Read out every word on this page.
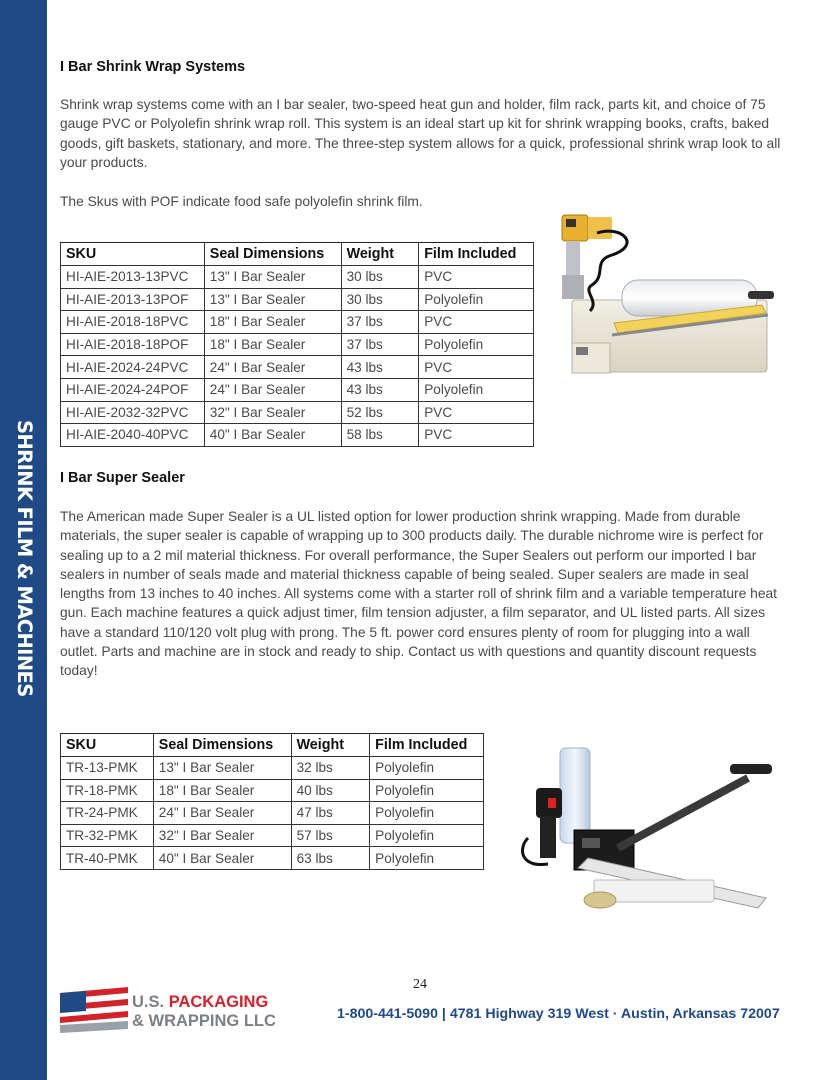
SHRINK FILM & MACHINES
I Bar Shrink Wrap Systems

Shrink wrap systems come with an I bar sealer, two-speed heat gun and holder, film rack, parts kit, and choice of 75 gauge PVC or Polyolefin shrink wrap roll. This system is an ideal start up kit for shrink wrapping books, crafts, baked goods, gift baskets, stationary, and more. The three-step system allows for a quick, professional shrink wrap look to all your products.

The Skus with POF indicate food safe polyolefin shrink film.

SKU	Seal Dimensions	Weight	Film Included
HI-AIE-2013-13PVC	13" I Bar Sealer	30 lbs	PVC
HI-AIE-2013-13POF	13" I Bar Sealer	30 lbs	Polyolefin
HI-AIE-2018-18PVC	18" I Bar Sealer	37 lbs	PVC
HI-AIE-2018-18POF	18" I Bar Sealer	37 lbs	Polyolefin
HI-AIE-2024-24PVC	24" I Bar Sealer	43 lbs	PVC
HI-AIE-2024-24POF	24" I Bar Sealer	43 lbs	Polyolefin
HI-AIE-2032-32PVC	32" I Bar Sealer	52 lbs	PVC
HI-AIE-2040-40PVC	40" I Bar Sealer	58 lbs	PVC
I Bar Super Sealer

The American made Super Sealer is a UL listed option for lower production shrink wrapping. Made from durable materials, the super sealer is capable of wrapping up to 300 products daily. The durable nichrome wire is perfect for sealing up to a 2 mil material thickness. For overall performance, the Super Sealers out perform our imported I bar sealers in number of seals made and material thickness capable of being sealed. Super sealers are made in seal lengths from 13 inches to 40 inches. All systems come with a starter roll of shrink film and a variable temperature heat gun. Each machine features a quick adjust timer, film tension adjuster, a film separator, and UL listed parts. All sizes have a standard 110/120 volt plug with prong. The 5 ft. power cord ensures plenty of room for plugging into a wall outlet. Parts and machine are in stock and ready to ship. Contact us with questions and quantity discount requests today!

SKU	Seal Dimensions	Weight	Film Included
TR-13-PMK	13" I Bar Sealer	32 lbs	Polyolefin
TR-18-PMK	18" I Bar Sealer	40 lbs	Polyolefin
TR-24-PMK	24" I Bar Sealer	47 lbs	Polyolefin
TR-32-PMK	32" I Bar Sealer	57 lbs	Polyolefin
TR-40-PMK	40" I Bar Sealer	63 lbs	Polyolefin
24
U.S. PACKAGING
& WRAPPING LLC	1-800-441-5090 | 4781 Highway 319 West · Austin, Arkansas 72007
